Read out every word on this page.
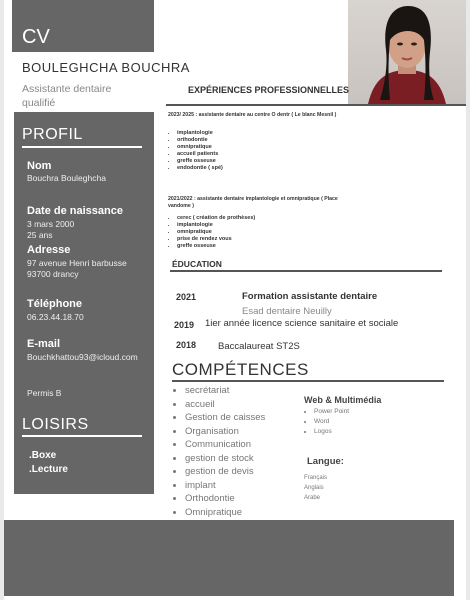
CV
BOULEGHCHA BOUCHRA
Assistante dentaire qualifié
PROFIL
Nom
Bouchra Bouleghcha
Date de naissance
3 mars 2000
25 ans
Adresse
97 avenue Henri barbusse
93700 drancy
Téléphone
06.23.44.18.70
E-mail
Bouchkhattou93@icloud.com
Permis B
LOISIRS
.Boxe
.Lecture
EXPÉRIENCES PROFESSIONNELLES
2023/ 2025 : assistante dentaire au centre O dentr ( Le blanc Mesnil )
• implantologie
• orthodontie
• omnipratique
• accueil patients
• greffe osseuse
• endodontie ( spé)
2021/2022 : assistante dentaire implantologie et omnipratique ( Place vandome )
• cerec ( création de prothèses)
• implantologie
• omnipratique
• prise de rendez vous
• greffe osseuse
ÉDUCATION
2021	Formation assistante dentaire
Esad dentaire Neuilly
2019 1ier année licence science sanitaire et sociale
2018 Baccalaureat ST2S
COMPÉTENCES
• secrétariat
• accueil
• Gestion de caisses
• Organisation
• Communication
• gestion de stock
• gestion de devis
• implant
• Orthodontie
• Omnipratique
Web & Multimédia
• Power Point
• Word
• Logos
Langue:
Français
Anglais
Arabe
